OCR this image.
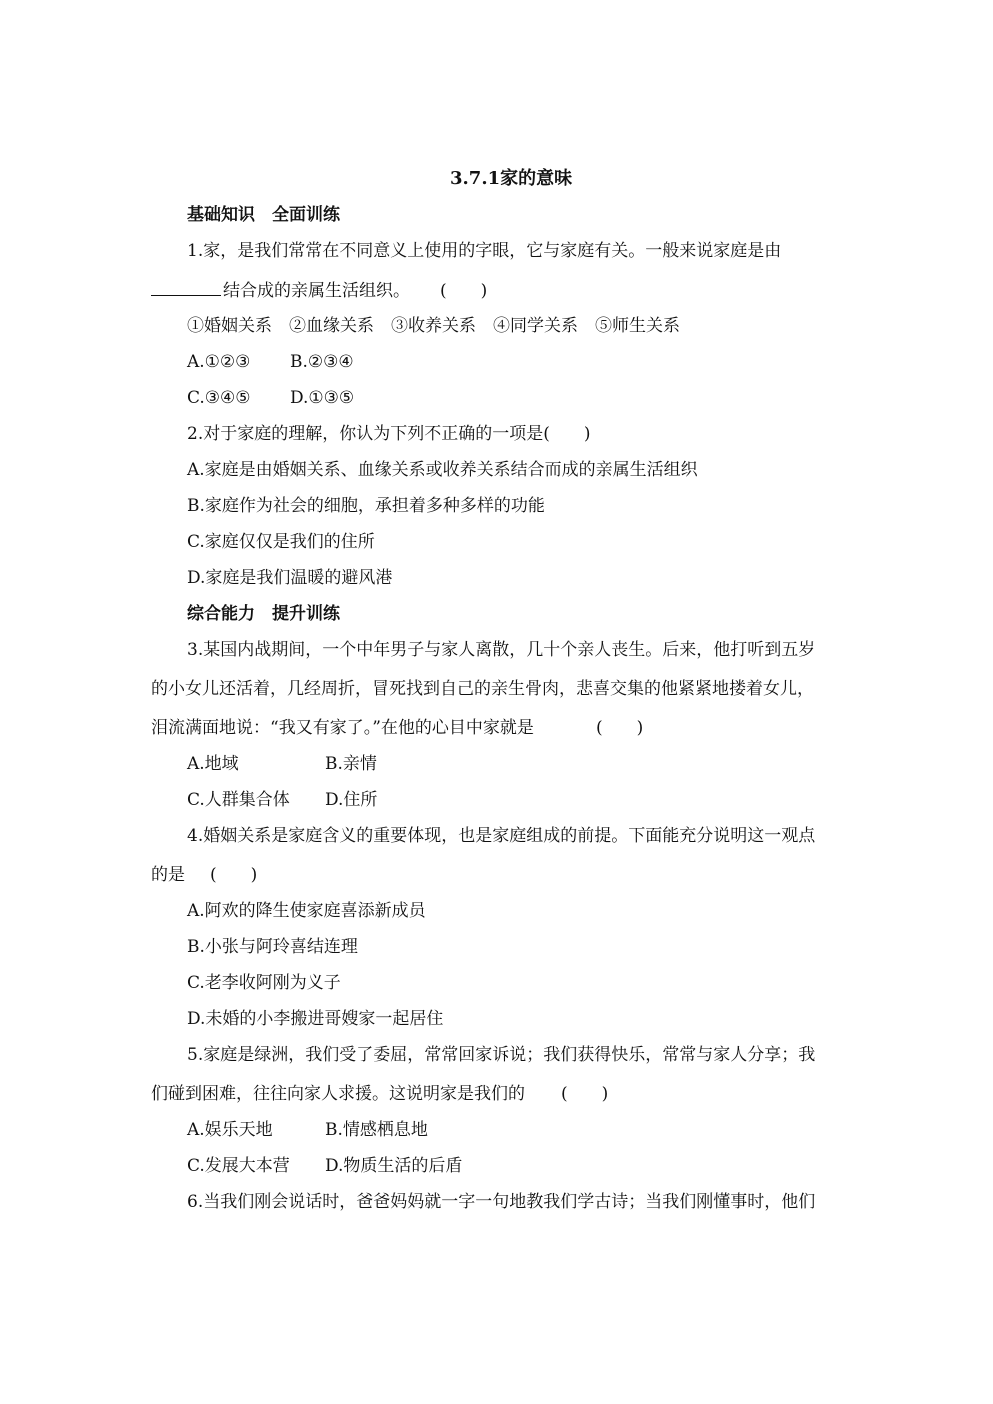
3.7.1家的意味
基础知识　全面训练
1.家，是我们常常在不同意义上使用的字眼，它与家庭有关。一般来说家庭是由
结合成的亲属生活组织。 (　　)
①婚姻关系　②血缘关系　③收养关系　④同学关系　⑤师生关系
A.①②③ B.②③④
C.③④⑤ D.①③⑤
2.对于家庭的理解，你认为下列不正确的一项是(　　)
A.家庭是由婚姻关系、血缘关系或收养关系结合而成的亲属生活组织
B.家庭作为社会的细胞，承担着多种多样的功能
C.家庭仅仅是我们的住所
D.家庭是我们温暖的避风港
综合能力　提升训练
3.某国内战期间，一个中年男子与家人离散，几十个亲人丧生。后来，他打听到五岁
的小女儿还活着，几经周折，冒死找到自己的亲生骨肉，悲喜交集的他紧紧地搂着女儿，
泪流满面地说：“我又有家了。”在他的心目中家就是	(　　)
A.地域	B.亲情
C.人群集合体 D.住所
4.婚姻关系是家庭含义的重要体现，也是家庭组成的前提。下面能充分说明这一观点
的是 (　　)
A.阿欢的降生使家庭喜添新成员
B.小张与阿玲喜结连理
C.老李收阿刚为义子
D.未婚的小李搬进哥嫂家一起居住
5.家庭是绿洲，我们受了委屈，常常回家诉说；我们获得快乐，常常与家人分享；我
们碰到困难，往往向家人求援。这说明家是我们的 (　　)
A.娱乐天地	B.情感栖息地
C.发展大本营 D.物质生活的后盾
6.当我们刚会说话时，爸爸妈妈就一字一句地教我们学古诗；当我们刚懂事时，他们
